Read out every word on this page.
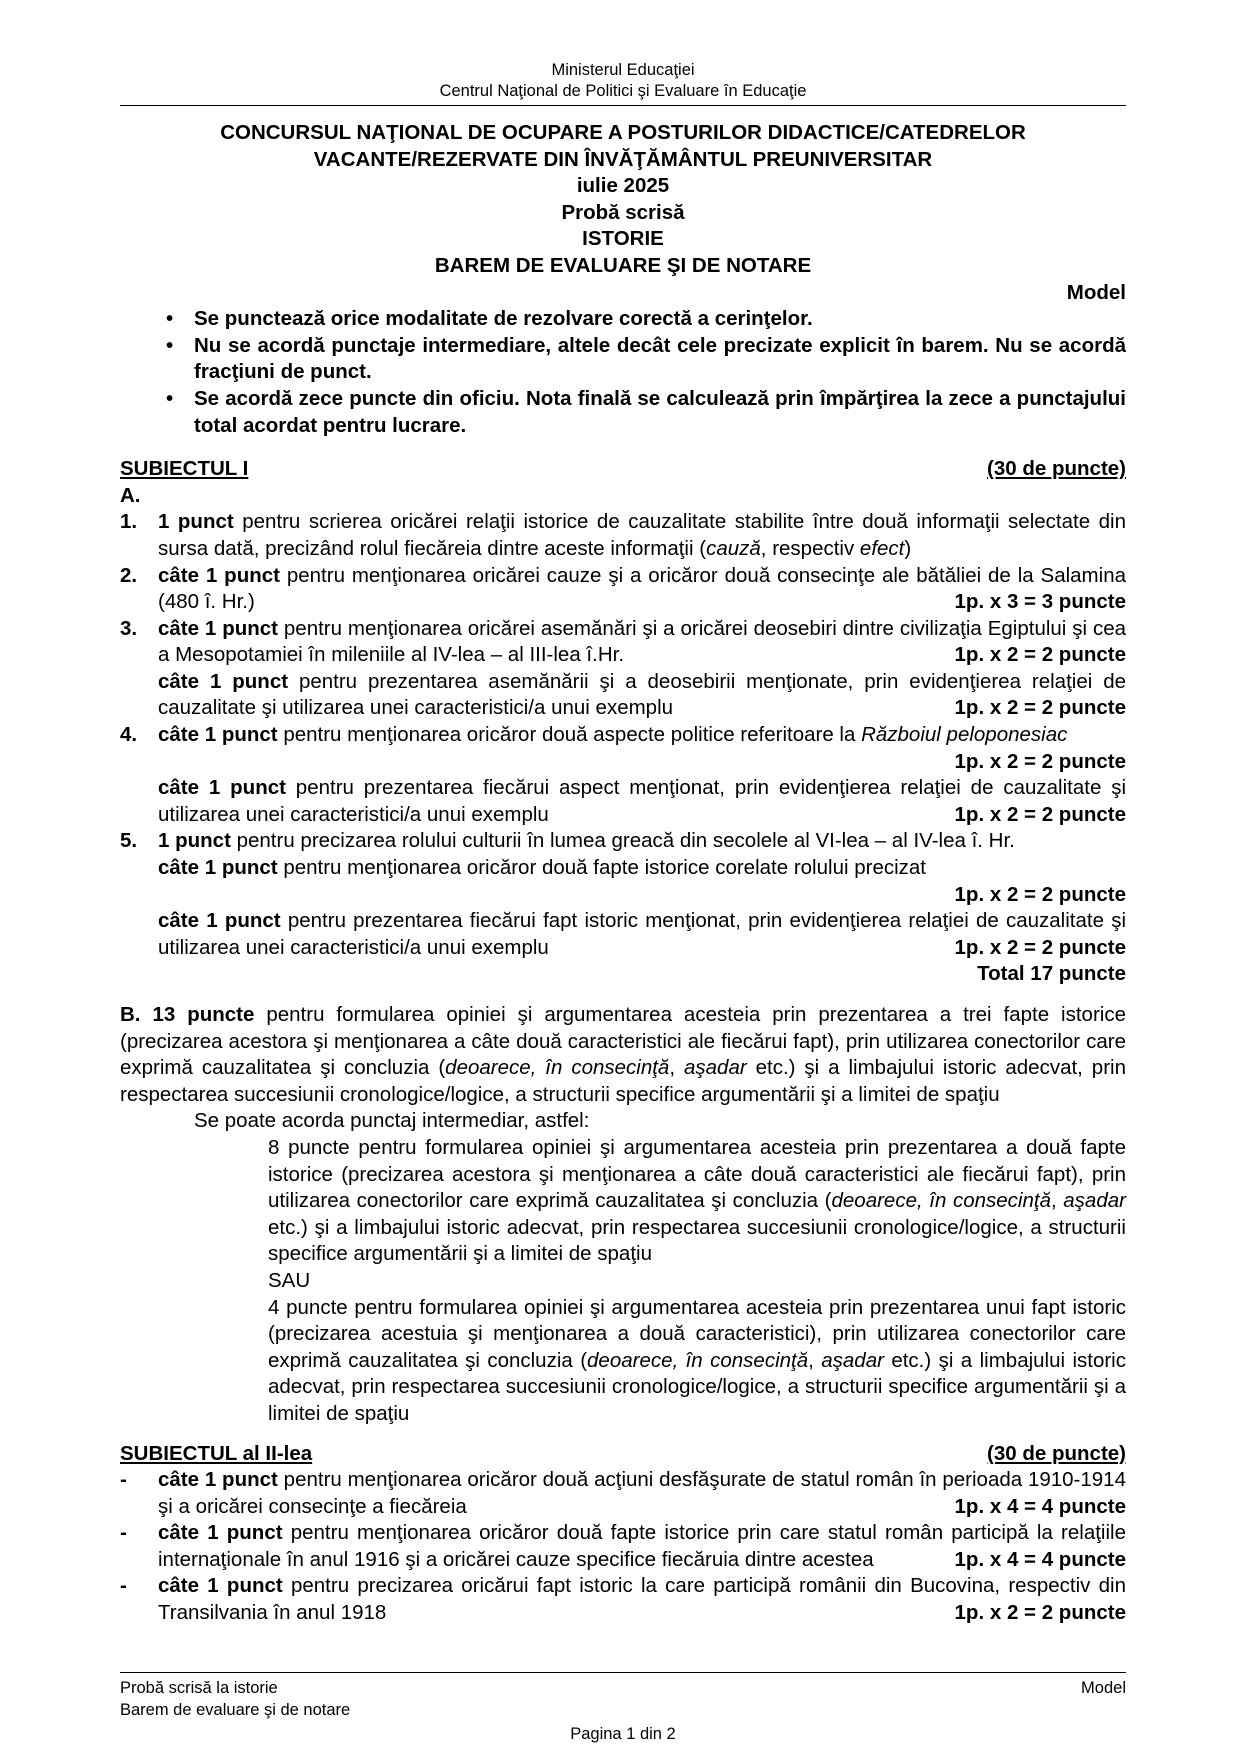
Ministerul Educaţiei
Centrul Naţional de Politici şi Evaluare în Educaţie
CONCURSUL NAŢIONAL DE OCUPARE A POSTURILOR DIDACTICE/CATEDRELOR
VACANTE/REZERVATE DIN ÎNVĂŢĂMÂNTUL PREUNIVERSITAR
iulie 2025
Probă scrisă
ISTORIE
BAREM DE EVALUARE ŞI DE NOTARE
Model
•	Se punctează orice modalitate de rezolvare corectă a cerinţelor.
•	Nu se acordă punctaje intermediare, altele decât cele precizate explicit în barem. Nu se acordă fracţiuni de punct.
•	Se acordă zece puncte din oficiu. Nota finală se calculează prin împărţirea la zece a punctajului total acordat pentru lucrare.
SUBIECTUL I	(30 de puncte)
A.
1.	1 punct pentru scrierea oricărei relaţii istorice de cauzalitate stabilite între două informaţii selectate din sursa dată, precizând rolul fiecăreia dintre aceste informaţii (cauză, respectiv efect)
2.	câte 1 punct pentru menţionarea oricărei cauze şi a oricăror două consecinţe ale bătăliei de la Salamina (480 î. Hr.)	1p. x 3 = 3 puncte
3.	câte 1 punct pentru menţionarea oricărei asemănări şi a oricărei deosebiri dintre civilizaţia Egiptului şi cea a Mesopotamiei în mileniile al IV-lea – al III-lea î.Hr.	1p. x 2 = 2 puncte
câte 1 punct pentru prezentarea asemănării şi a deosebirii menţionate, prin evidenţierea relaţiei de cauzalitate şi utilizarea unei caracteristici/a unui exemplu	1p. x 2 = 2 puncte
4.	câte 1 punct pentru menţionarea oricăror două aspecte politice referitoare la Războiul peloponesiac
1p. x 2 = 2 puncte
câte 1 punct pentru prezentarea fiecărui aspect menţionat, prin evidenţierea relaţiei de cauzalitate şi utilizarea unei caracteristici/a unui exemplu	1p. x 2 = 2 puncte
5.	1 punct pentru precizarea rolului culturii în lumea greacă din secolele al VI-lea – al IV-lea î. Hr.
câte 1 punct pentru menţionarea oricăror două fapte istorice corelate rolului precizat
1p. x 2 = 2 puncte
câte 1 punct pentru prezentarea fiecărui fapt istoric menţionat, prin evidenţierea relaţiei de cauzalitate şi utilizarea unei caracteristici/a unui exemplu	1p. x 2 = 2 puncte
Total 17 puncte
B. 13 puncte pentru formularea opiniei şi argumentarea acesteia prin prezentarea a trei fapte istorice (precizarea acestora şi menţionarea a câte două caracteristici ale fiecărui fapt), prin utilizarea conectorilor care exprimă cauzalitatea şi concluzia (deoarece, în consecinţă, aşadar etc.) şi a limbajului istoric adecvat, prin respectarea succesiunii cronologice/logice, a structurii specifice argumentării şi a limitei de spaţiu
Se poate acorda punctaj intermediar, astfel:
8 puncte pentru formularea opiniei şi argumentarea acesteia prin prezentarea a două fapte istorice (precizarea acestora şi menţionarea a câte două caracteristici ale fiecărui fapt), prin utilizarea conectorilor care exprimă cauzalitatea şi concluzia (deoarece, în consecinţă, aşadar etc.) şi a limbajului istoric adecvat, prin respectarea succesiunii cronologice/logice, a structurii specifice argumentării şi a limitei de spaţiu
SAU
4 puncte pentru formularea opiniei şi argumentarea acesteia prin prezentarea unui fapt istoric (precizarea acestuia şi menţionarea a două caracteristici), prin utilizarea conectorilor care exprimă cauzalitatea şi concluzia (deoarece, în consecinţă, aşadar etc.) şi a limbajului istoric adecvat, prin respectarea succesiunii cronologice/logice, a structurii specifice argumentării şi a limitei de spaţiu
SUBIECTUL al II-lea	(30 de puncte)
-	câte 1 punct pentru menţionarea oricăror două acţiuni desfăşurate de statul român în perioada 1910-1914 şi a oricărei consecinţe a fiecăreia	1p. x 4 = 4 puncte
-	câte 1 punct pentru menţionarea oricăror două fapte istorice prin care statul român participă la relaţiile internaţionale în anul 1916 şi a oricărei cauze specifice fiecăruia dintre acestea	1p. x 4 = 4 puncte
-	câte 1 punct pentru precizarea oricărui fapt istoric la care participă românii din Bucovina, respectiv din Transilvania în anul 1918	1p. x 2 = 2 puncte
Probă scrisă la istorie	Model
Barem de evaluare şi de notare
Pagina 1 din 2
